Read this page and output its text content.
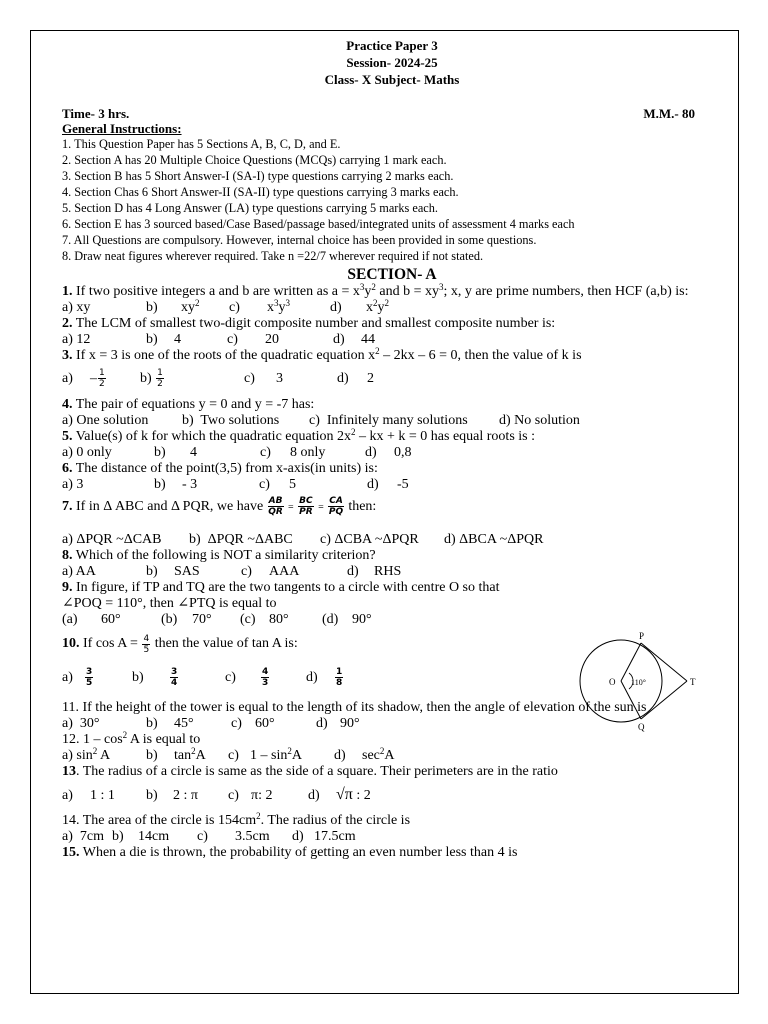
Practice Paper 3
Session- 2024-25
Class- X Subject- Maths
Time- 3 hrs.	M.M.- 80
General Instructions:
1. This Question Paper has 5 Sections A, B, C, D, and E.
2. Section A has 20 Multiple Choice Questions (MCQs) carrying 1 mark each.
3. Section B has 5 Short Answer-I (SA-I) type questions carrying 2 marks each.
4. Section Chas 6 Short Answer-II (SA-II) type questions carrying 3 marks each.
5. Section D has 4 Long Answer (LA) type questions carrying 5 marks each.
6. Section E has 3 sourced based/Case Based/passage based/integrated units of assessment 4 marks each
7. All Questions are compulsory. However, internal choice has been provided in some questions.
8. Draw neat figures wherever required. Take n =22/7 wherever required if not stated.
SECTION- A
1. If two positive integers a and b are written as $a = x^3y^2$ and $b = xy^3$; x, y are prime numbers, then HCF (a,b) is:
a) xy	b) $xy^2$ c) $x^3y^3$	d) $x^2y^2$
2. The LCM of smallest two-digit composite number and smallest composite number is:
a) 12	b) 4	c) 20	d) 44
3. If x = 3 is one of the roots of the quadratic equation $x^2 - 2kx - 6 = 0$, then the value of k is
$a) - \frac{1}{2} b) \frac{1}{2}$	c) 3	d) 2
4. The pair of equations y = 0 and y = -7 has:
a) One solution b)  Two solutions c)  Infinitely many solutions d) No solution
5. Value(s) of k for which the quadratic equation $2x^2$ – kx + k = 0 has equal roots is :
a) 0 only	b) 4	c) 8 only	d) 0,8
6. The distance of the point(3,5) from x-axis(in units) is:
a) 3	b) - 3	c) 5	d) -5
7. If in Δ ABC and Δ PQR, we have $\frac{AB}{QR} = \frac{BC}{PR} = \frac{CA}{PQ}$ then:
a) ΔPQR ~ΔCAB b)  ΔPQR ~ΔABC c) ΔCBA ~ΔPQR d) ΔBCA ~ΔPQR
8. Which of the following is NOT a similarity criterion?
a) AA	b) SAS	c) AAA	d) RHS
9. In figure, if TP and TQ are the two tangents to a circle with centre O so that
∠POQ = 110°, then ∠PTQ is equal to
(a) 60°	(b) 70° (c) 80° (d) 90°
10. If $\cos A = \frac{4}{5}$ then the value of tan A is:
$a) \frac{3}{5}$	b)	$\frac{3}{4}$	c)	$\frac{4}{3}$	$d) \frac{1}{8}$
11. If the height of the tower is equal to the length of its shadow, then the angle of elevation of the sun is
a)  30°	b) 45°	c) 60°	d) 90°
12. $1 - \cos^2 A$ is equal to
a) $\sin^2 A$	b) $\tan^2A$ c) $1 - \sin^2A$ d) $\sec^2A$
13. The radius of a circle is same as the side of a square. Their perimeters are in the ratio
a) 1 : 1 b) 2 : π c) π: 2	d) √π : 2
14. The area of the circle is $154cm^2$. The radius of the circle is
a)  7cm b) 14cm c) 3.5cm d) 17.5cm
15. When a die is thrown, the probability of getting an even number less than 4 is
P
O 110°	T
Q
